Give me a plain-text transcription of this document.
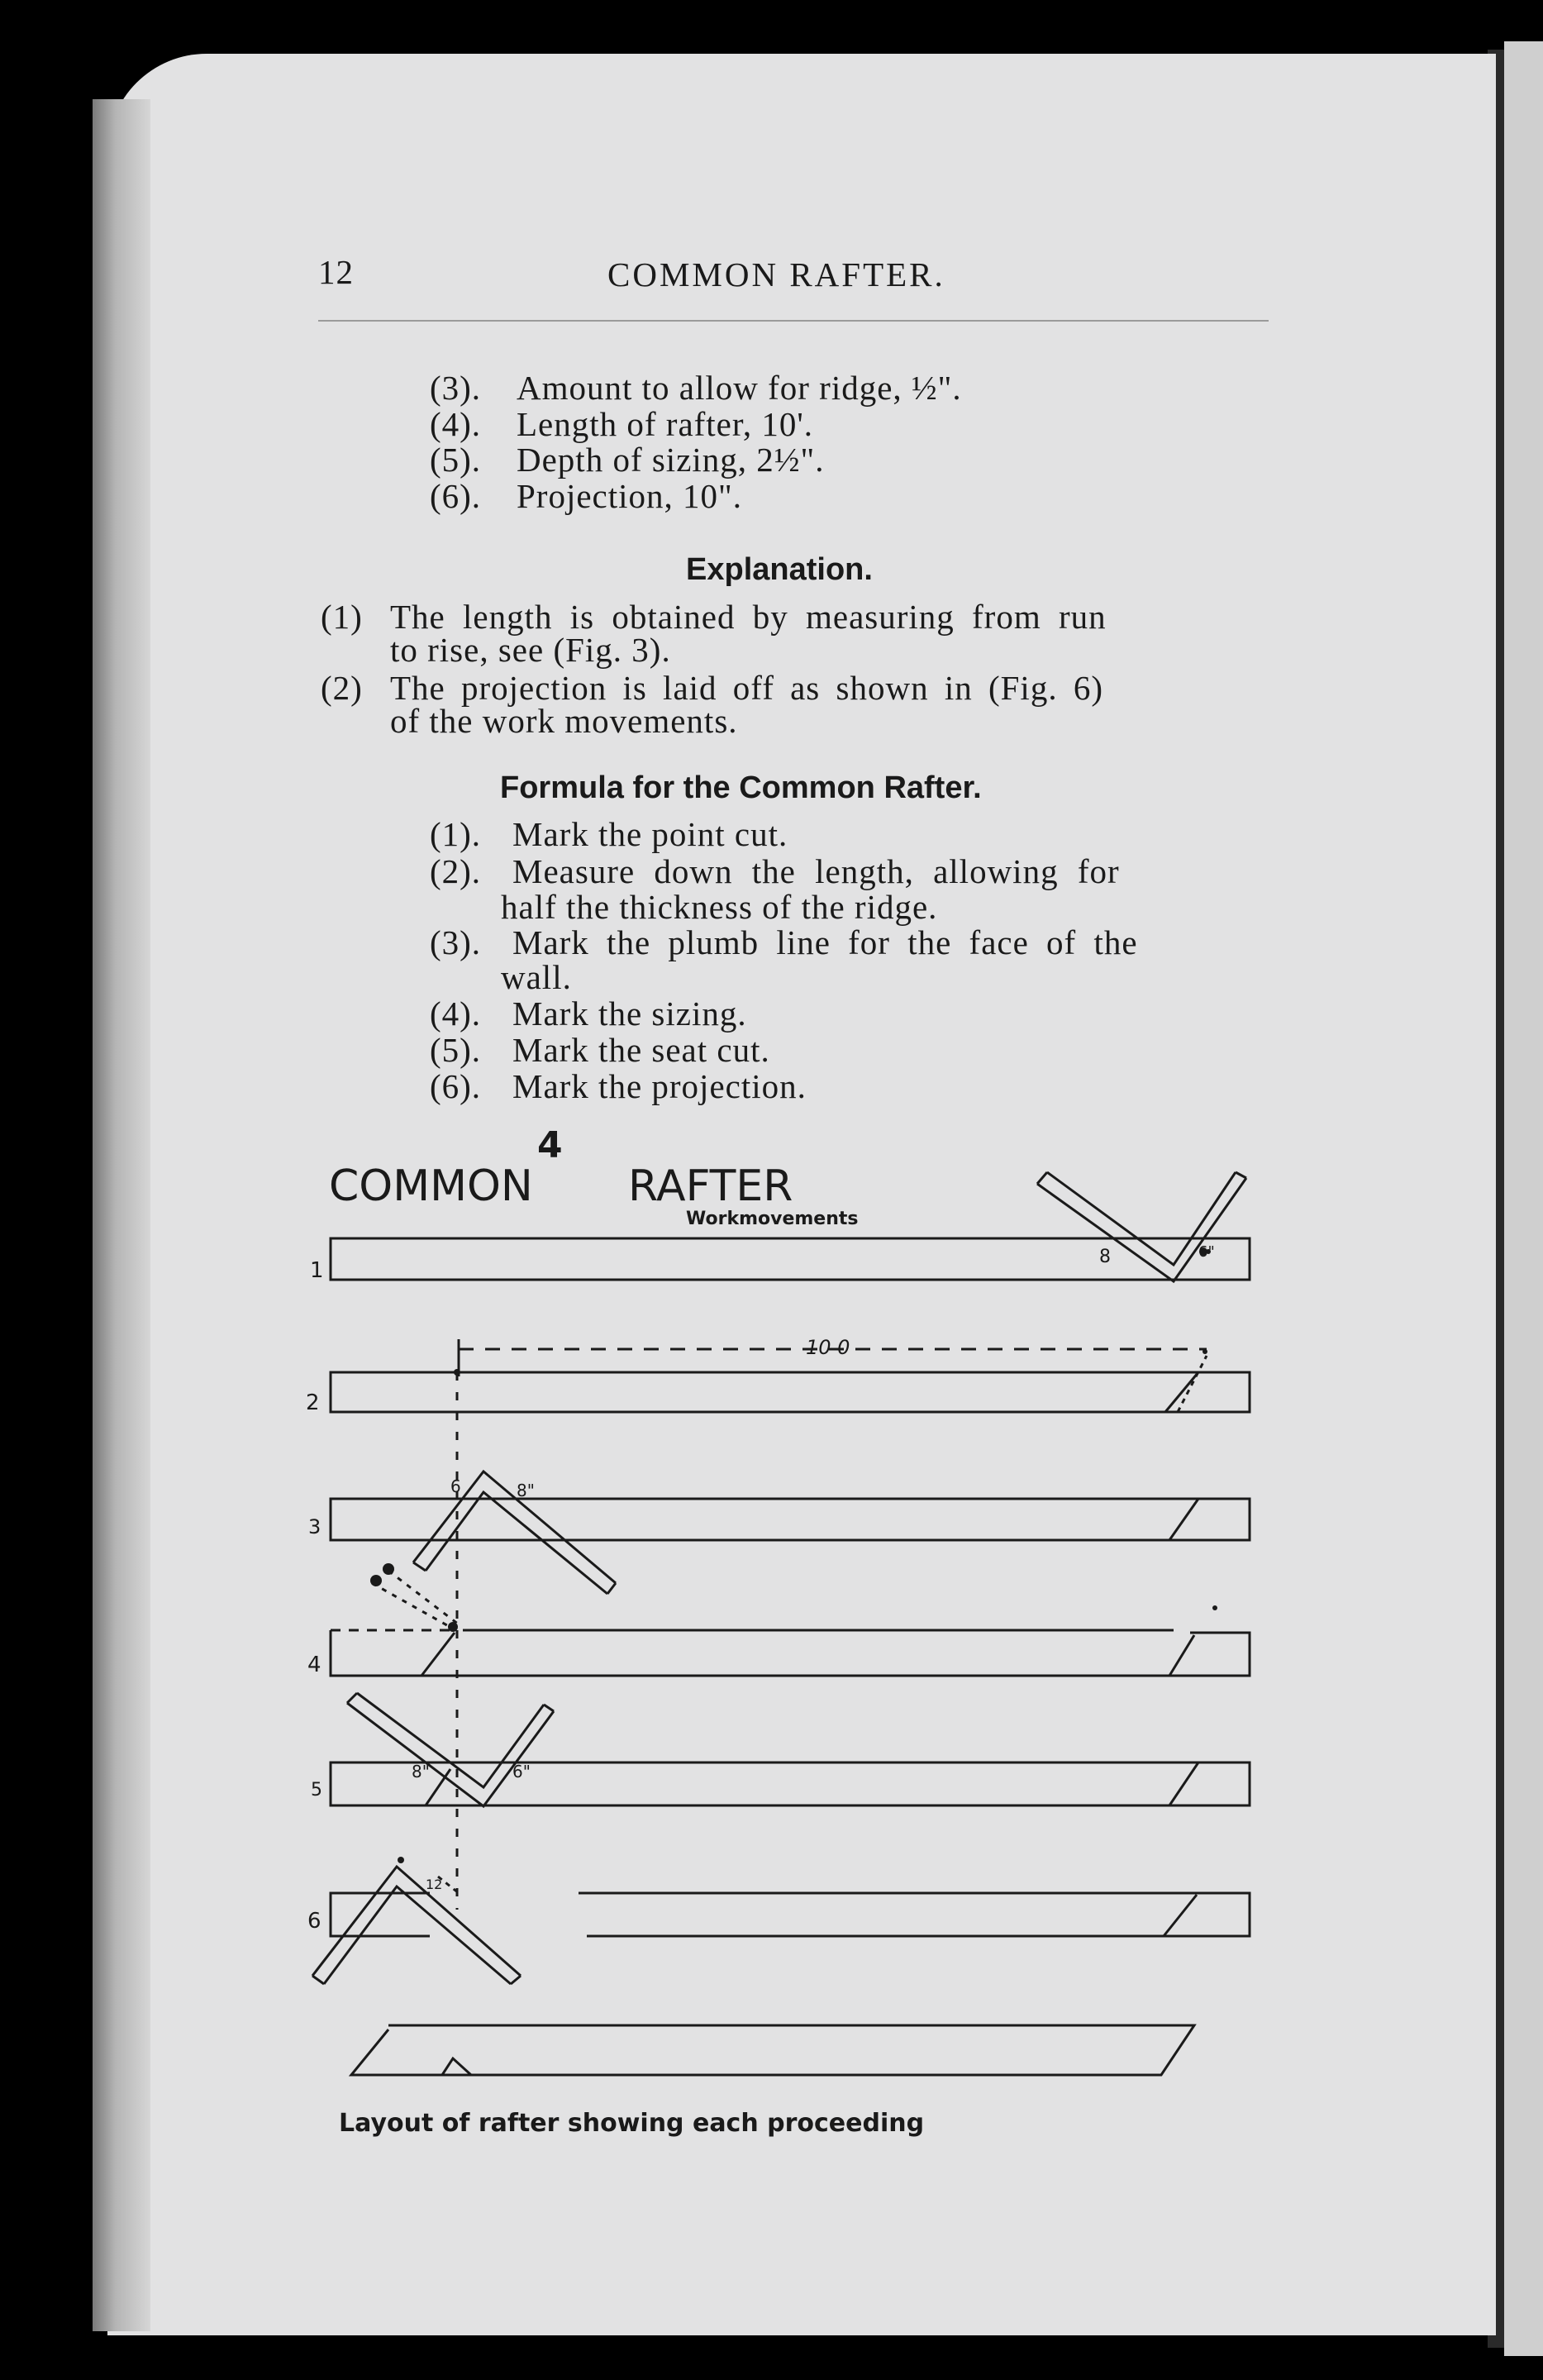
12	COMMON RAFTER.
(3). Amount to allow for ridge, ½".
(4). Length of rafter, 10'.
(5). Depth of sizing, 2½".
(6). Projection, 10".
Explanation.
(1) The length is obtained by measuring from run
to rise, see (Fig. 3).
(2) The projection is laid off as shown in (Fig. 6)
of the work movements.
Formula for the Common Rafter.
(1). Mark the point cut.
(2). Measure down the length, allowing for
half the thickness of the ridge.
(3). Mark the plumb line for the face of the
wall.
(4). Mark the sizing.
(5). Mark the seat cut.
(6). Mark the projection.
4
COMMON RAFTER
Workmovements
10 0
1
2
3
4
5
6
8	6"
6	8"
8"	6"
12
Layout of rafter showing each proceeding
